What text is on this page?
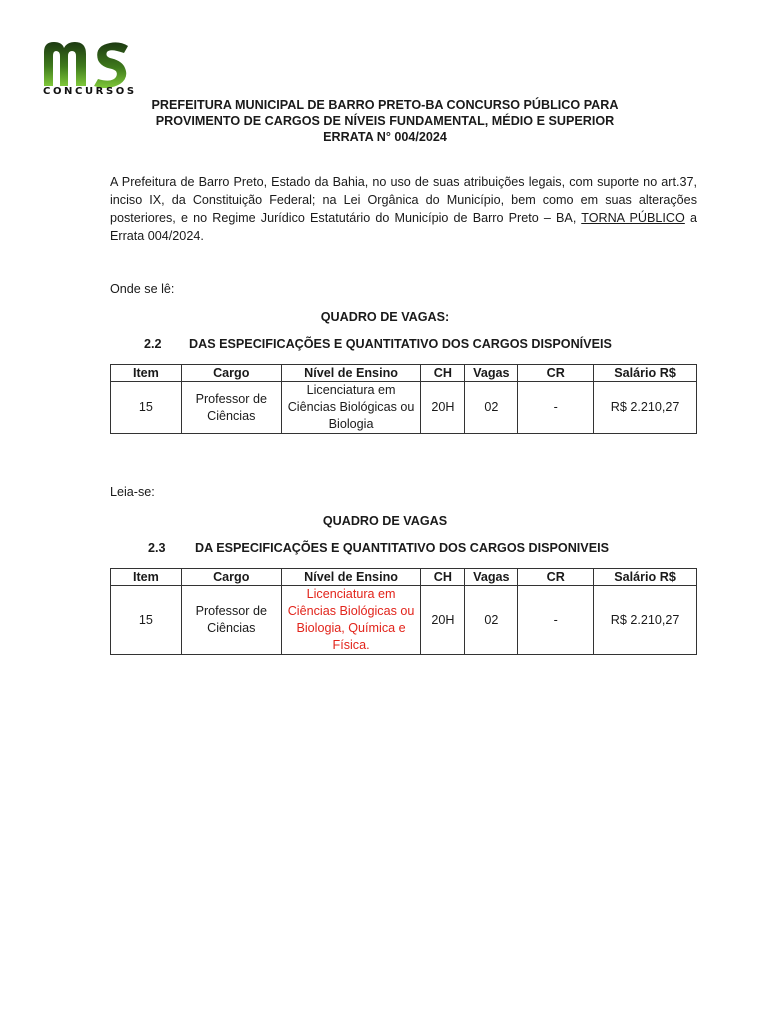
CONCURSOS
PREFEITURA MUNICIPAL DE BARRO PRETO-BA CONCURSO PÚBLICO PARA
PROVIMENTO DE CARGOS DE NÍVEIS FUNDAMENTAL, MÉDIO E SUPERIOR
ERRATA N° 004/2024
A Prefeitura de Barro Preto, Estado da Bahia, no uso de suas atribuições legais, com suporte no art.37, inciso IX, da Constituição Federal; na Lei Orgânica do Município, bem como em suas alterações posteriores, e no Regime Jurídico Estatutário do Município de Barro Preto – BA, TORNA PÚBLICO a Errata 004/2024.
Onde se lê:
QUADRO DE VAGAS:
2.2 DAS ESPECIFICAÇÕES E QUANTITATIVO DOS CARGOS DISPONÍVEIS
Item	Cargo	Nível de Ensino	CH	Vagas	CR	Salário R$
15	Professor de Ciências	Licenciatura em Ciências Biológicas ou Biologia	20H	02	-	R$ 2.210,27
Leia-se:
QUADRO DE VAGAS
2.3 DA ESPECIFICAÇÕES E QUANTITATIVO DOS CARGOS DISPONIVEIS
Item	Cargo	Nível de Ensino	CH	Vagas	CR	Salário R$
15	Professor de Ciências	Licenciatura em Ciências Biológicas ou Biologia, Química e Física.	20H	02	-	R$ 2.210,27
